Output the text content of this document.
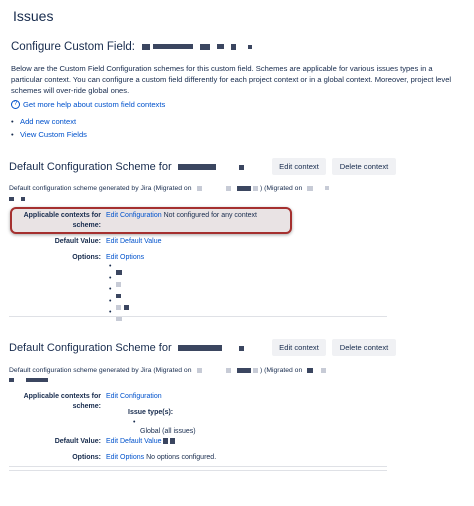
Issues
Configure Custom Field:
Below are the Custom Field Configuration schemes for this custom field. Schemes are applicable for various issues types in a particular context. You can configure a custom field differently for each project context or in a global context. Moreover, project level schemes will over-ride global ones.
? Get more help about custom field contexts
• Add new context
• View Custom Fields
Default Configuration Scheme for	Edit context	Delete context
Default configuration scheme generated by Jira (Migrated on	) (Migrated on

Applicable contexts for scheme:
Edit Configuration Not configured for any context
Default Value: Edit Default Value
Options: Edit Options
•
•
•
•
•
Default Configuration Scheme for	Edit context	Delete context
Default configuration scheme generated by Jira (Migrated on	) (Migrated on

Applicable contexts for scheme:
Edit Configuration
Issue type(s):
• Global (all issues)
Default Value: Edit Default Value
Options: Edit Options No options configured.
